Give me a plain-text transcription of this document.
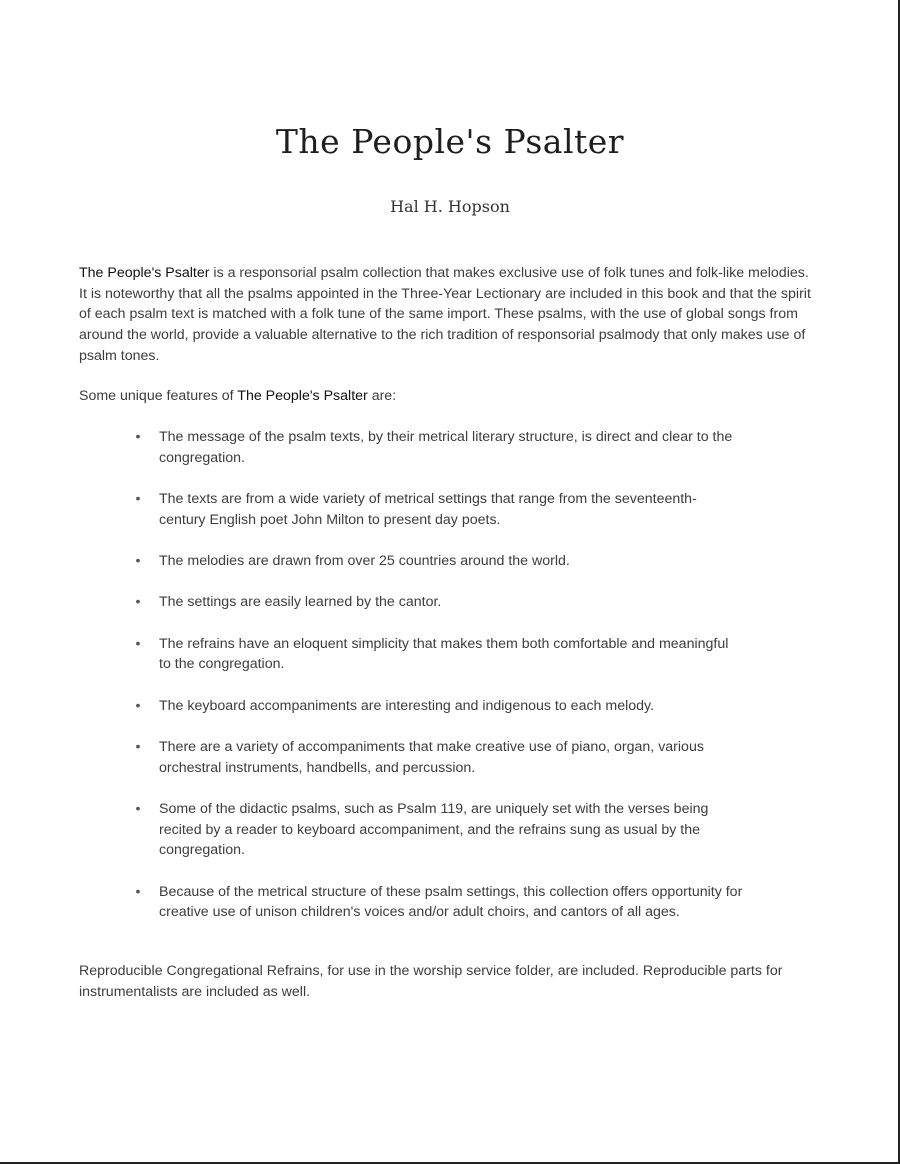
The People's Psalter

Hal H. Hopson

The People's Psalter is a responsorial psalm collection that makes exclusive use of folk tunes and folk-like melodies. It is noteworthy that all the psalms appointed in the Three-Year Lectionary are included in this book and that the spirit of each psalm text is matched with a folk tune of the same import. These psalms, with the use of global songs from around the world, provide a valuable alternative to the rich tradition of responsorial psalmody that only makes use of psalm tones.

Some unique features of The People's Psalter are:

• The message of the psalm texts, by their metrical literary structure, is direct and clear to the congregation.
• The texts are from a wide variety of metrical settings that range from the seventeenth-century English poet John Milton to present day poets.
• The melodies are drawn from over 25 countries around the world.
• The settings are easily learned by the cantor.
• The refrains have an eloquent simplicity that makes them both comfortable and meaningful to the congregation.
• The keyboard accompaniments are interesting and indigenous to each melody.
• There are a variety of accompaniments that make creative use of piano, organ, various orchestral instruments, handbells, and percussion.
• Some of the didactic psalms, such as Psalm 119, are uniquely set with the verses being recited by a reader to keyboard accompaniment, and the refrains sung as usual by the congregation.
• Because of the metrical structure of these psalm settings, this collection offers opportunity for creative use of unison children's voices and/or adult choirs, and cantors of all ages.

Reproducible Congregational Refrains, for use in the worship service folder, are included. Reproducible parts for instrumentalists are included as well.
